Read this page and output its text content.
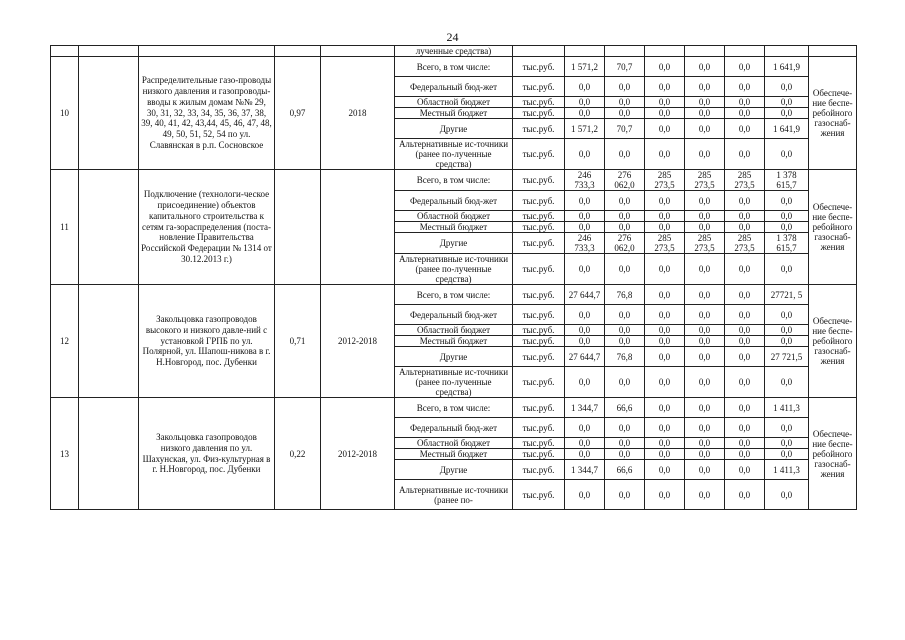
24
					лученные средства)								
10		Распределительные газо-проводы низкого давления и газопроводы-вводы к жилым домам №№ 29, 30, 31, 32, 33, 34, 35, 36, 37, 38, 39, 40, 41, 42, 43,44, 45, 46, 47, 48, 49, 50, 51, 52, 54 по ул. Славянская в р.п. Сосновское	0,97	2018	Всего, в том числе:	тыс.руб.	1 571,2	70,7	0,0	0,0	0,0	1 641,9	Обеспече-ние беспе-ребойного газоснаб-жения
					Федеральный бюд-жет	тыс.руб.	0,0	0,0	0,0	0,0	0,0	0,0	
					Областной бюджет	тыс.руб.	0,0	0,0	0,0	0,0	0,0	0,0	
					Местный бюджет	тыс.руб.	0,0	0,0	0,0	0,0	0,0	0,0	
					Другие	тыс.руб.	1 571,2	70,7	0,0	0,0	0,0	1 641,9	
					Альтернативные ис-точники (ранее по-лученные средства)	тыс.руб.	0,0	0,0	0,0	0,0	0,0	0,0	
11		Подключение (технологи-ческое присоединение) объектов капитального строительства к сетям га-зораспределения (поста-новление Правительства Российской Федерации № 1314 от 30.12.2013 г.)			Всего, в том числе:	тыс.руб.	246 733,3	276 062,0	285 273,5	285 273,5	285 273,5	1 378 615,7	Обеспече-ние беспе-ребойного газоснаб-жения
					Федеральный бюд-жет	тыс.руб.	0,0	0,0	0,0	0,0	0,0	0,0	
					Областной бюджет	тыс.руб.	0,0	0,0	0,0	0,0	0,0	0,0	
					Местный бюджет	тыс.руб.	0,0	0,0	0,0	0,0	0,0	0,0	
					Другие	тыс.руб.	246 733,3	276 062,0	285 273,5	285 273,5	285 273,5	1 378 615,7	
					Альтернативные ис-точники (ранее по-лученные средства)	тыс.руб.	0,0	0,0	0,0	0,0	0,0	0,0	
12		Закольцовка газопроводов высокого и низкого давле-ний с установкой ГРПБ по ул. Полярной, ул. Шапош-никова в г. Н.Новгород, пос. Дубенки	0,71	2012-2018	Всего, в том числе:	тыс.руб.	27 644,7	76,8	0,0	0,0	0,0	27721, 5	Обеспече-ние беспе-ребойного газоснаб-жения
					Федеральный бюд-жет	тыс.руб.	0,0	0,0	0,0	0,0	0,0	0,0	
					Областной бюджет	тыс.руб.	0,0	0,0	0,0	0,0	0,0	0,0	
					Местный бюджет	тыс.руб.	0,0	0,0	0,0	0,0	0,0	0,0	
					Другие	тыс.руб.	27 644,7	76,8	0,0	0,0	0,0	27 721,5	
					Альтернативные ис-точники (ранее по-лученные средства)	тыс.руб.	0,0	0,0	0,0	0,0	0,0	0,0	
13		Закольцовка газопроводов низкого давления по ул. Шахунская, ул. Физ-культурная в г. Н.Новгород, пос. Дубенки	0,22	2012-2018	Всего, в том числе:	тыс.руб.	1 344,7	66,6	0,0	0,0	0,0	1 411,3	Обеспече-ние беспе-ребойного газоснаб-жения
					Федеральный бюд-жет	тыс.руб.	0,0	0,0	0,0	0,0	0,0	0,0	
					Областной бюджет	тыс.руб.	0,0	0,0	0,0	0,0	0,0	0,0	
					Местный бюджет	тыс.руб.	0,0	0,0	0,0	0,0	0,0	0,0	
					Другие	тыс.руб.	1 344,7	66,6	0,0	0,0	0,0	1 411,3	
					Альтернативные ис-точники (ранее по-	тыс.руб.	0,0	0,0	0,0	0,0	0,0	0,0	
